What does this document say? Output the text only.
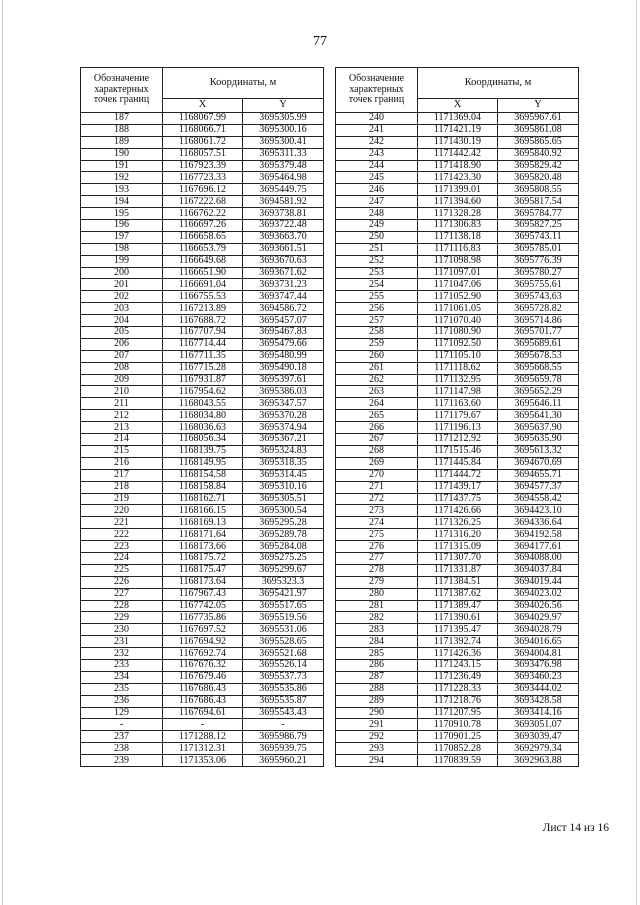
77
Обозначение
характерных
точек границ	Координаты, м	
	X	Y
187	1168067.99	3695305.99
188	1168066.71	3695300.16
189	1168061.72	3695300.41
190	1168057.51	3695311.33
191	1167923.39	3695379.48
192	1167723.33	3695464.98
193	1167696.12	3695449.75
194	1167222.68	3694581.92
195	1166762.22	3693738.81
196	1166697.26	3693722.48
197	1166658.65	3693663.70
198	1166653.79	3693661.51
199	1166649.68	3693670.63
200	1166651.90	3693671.62
201	1166691.04	3693731.23
202	1166755.53	3693747.44
203	1167213.89	3694586.72
204	1167688.72	3695457.07
205	1167707.94	3695467.83
206	1167714.44	3695479.66
207	1167711.35	3695480.99
208	1167715.28	3695490.18
209	1167931.87	3695397.61
210	1167954.62	3695386.03
211	1168043.55	3695347.57
212	1168034.80	3695370.28
213	1168036.63	3695374.94
214	1168056.34	3695367.21
215	1168139.75	3695324.83
216	1168149.95	3695318.35
217	1168154.58	3695314.45
218	1168158.84	3695310.16
219	1168162.71	3695305.51
220	1168166.15	3695300.54
221	1168169.13	3695295.28
222	1168171.64	3695289.78
223	1168173.66	3695284.08
224	1168175.72	3695275.25
225	1168175.47	3695299.67
226	1168173.64	3695323.3
227	1167967.43	3695421.97
228	1167742.05	3695517.65
229	1167735.86	3695519.56
230	1167697.52	3695531.06
231	1167694.92	3695528.65
232	1167692.74	3695521.68
233	1167676.32	3695526.14
234	1167679.46	3695537.73
235	1167686.43	3695535.86
236	1167686.43	3695535.87
129	1167694.61	3695543.43
-	-	-
237	1171288.12	3695986.79
238	1171312.31	3695939.75
239	1171353.06	3695960.21
Обозначение
характерных
точек границ	Координаты, м	
	X	Y
240	1171369.04	3695967.61
241	1171421.19	3695861.08
242	1171430.19	3695865.65
243	1171442.42	3695840.92
244	1171418.90	3695829.42
245	1171423.30	3695820.48
246	1171399.01	3695808.55
247	1171394.60	3695817.54
248	1171328.28	3695784.77
249	1171306.83	3695827.25
250	1171138.18	3695743.11
251	1171116.83	3695785.01
252	1171098.98	3695776.39
253	1171097.01	3695780.27
254	1171047.06	3695755.61
255	1171052.90	3695743.63
256	1171061.05	3695728.82
257	1171070.40	3695714.86
258	1171080.90	3695701.77
259	1171092.50	3695689.61
260	1171105.10	3695678.53
261	1171118.62	3695668.55
262	1171132.95	3695659.78
263	1171147.98	3695652.29
264	1171163.60	3695646.11
265	1171179.67	3695641.30
266	1171196.13	3695637.90
267	1171212.92	3695635.90
268	1171515.46	3695613.32
269	1171445.84	3694670.69
270	1171444.72	3694655.71
271	1171439.17	3694577.37
272	1171437.75	3694558.42
273	1171426.66	3694423.10
274	1171326.25	3694336.64
275	1171316.20	3694192.58
276	1171315.09	3694177.61
277	1171307.70	3694088.00
278	1171331.87	3694037.84
279	1171384.51	3694019.44
280	1171387.62	3694023.02
281	1171389.47	3694026.56
282	1171390.61	3694029.97
283	1171395.47	3694028.79
284	1171392.74	3694016.65
285	1171426.36	3694004.81
286	1171243.15	3693476.98
287	1171236.49	3693460.23
288	1171228.33	3693444.02
289	1171218.76	3693428.58
290	1171207.95	3693414.16
291	1170910.78	3693051.07
292	1170901.25	3693039.47
293	1170852.28	3692979.34
294	1170839.59	3692963.88
Лист 14 из 16
